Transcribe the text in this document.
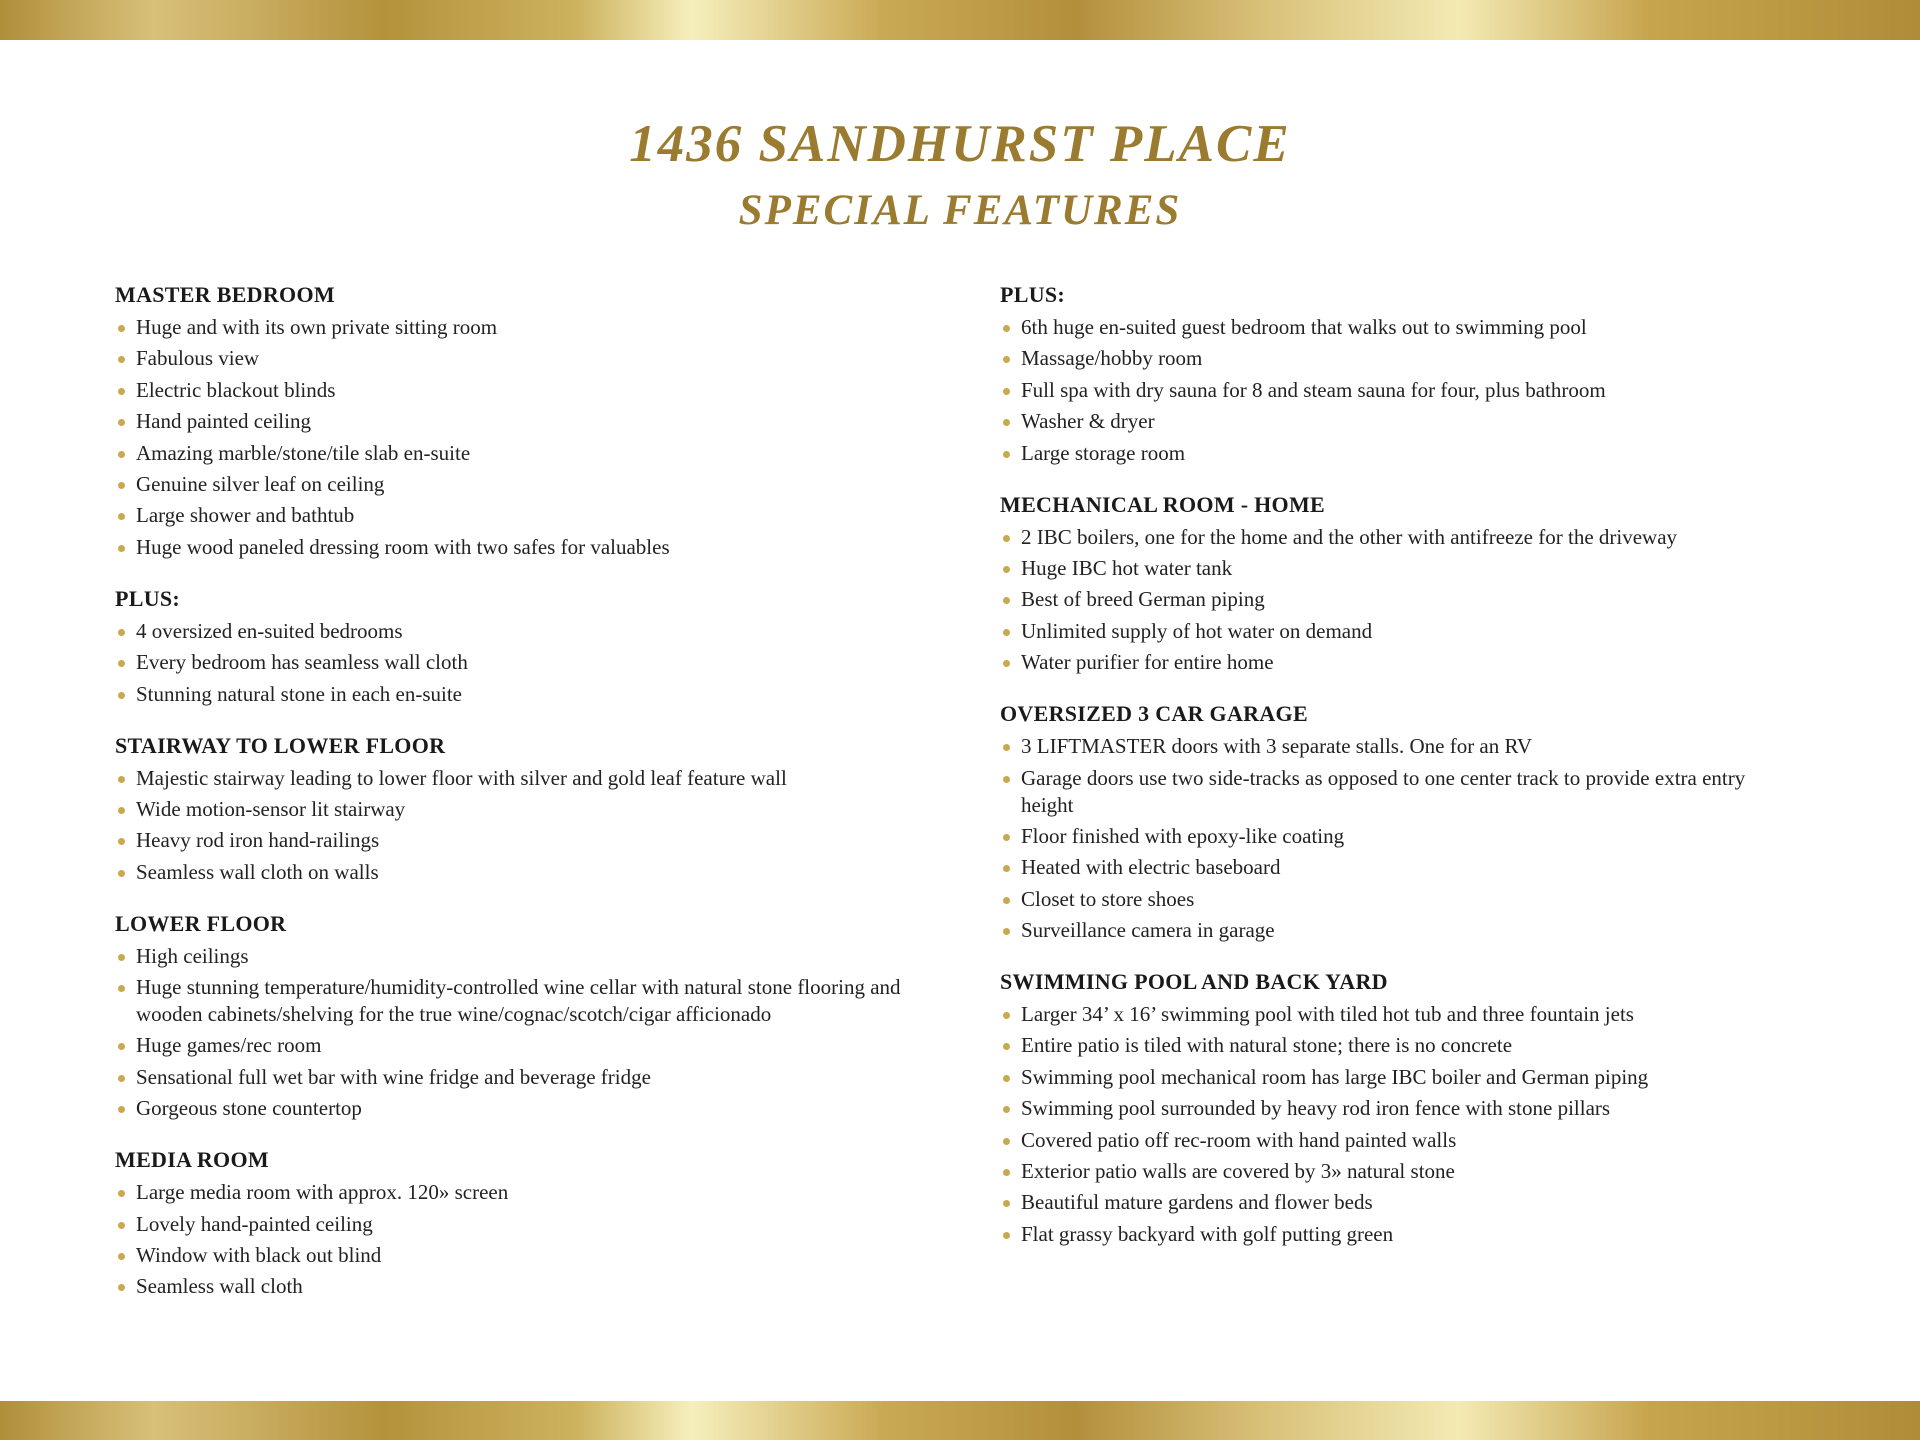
1436 SANDHURST PLACE
SPECIAL FEATURES
MASTER BEDROOM
Huge and with its own private sitting room
Fabulous view
Electric blackout blinds
Hand painted ceiling
Amazing marble/stone/tile slab en-suite
Genuine silver leaf on ceiling
Large shower and bathtub
Huge wood paneled dressing room with two safes for valuables
PLUS:
4 oversized en-suited bedrooms
Every bedroom has seamless wall cloth
Stunning natural stone in each en-suite
STAIRWAY TO LOWER FLOOR
Majestic stairway leading to lower floor with silver and gold leaf feature wall
Wide motion-sensor lit stairway
Heavy rod iron hand-railings
Seamless wall cloth on walls
LOWER FLOOR
High ceilings
Huge stunning temperature/humidity-controlled wine cellar with natural stone flooring and wooden cabinets/shelving for the true wine/cognac/scotch/cigar afficionado
Huge games/rec room
Sensational full wet bar with wine fridge and beverage fridge
Gorgeous stone countertop
MEDIA ROOM
Large media room with approx. 120» screen
Lovely hand-painted ceiling
Window with black out blind
Seamless wall cloth
PLUS:
6th huge en-suited guest bedroom that walks out to swimming pool
Massage/hobby room
Full spa with dry sauna for 8 and steam sauna for four, plus bathroom
Washer & dryer
Large storage room
MECHANICAL ROOM - HOME
2 IBC boilers, one for the home and the other with antifreeze for the driveway
Huge IBC hot water tank
Best of breed German piping
Unlimited supply of hot water on demand
Water purifier for entire home
OVERSIZED 3 CAR GARAGE
3 LIFTMASTER doors with 3 separate stalls. One for an RV
Garage doors use two side-tracks as opposed to one center track to provide extra entry height
Floor finished with epoxy-like coating
Heated with electric baseboard
Closet to store shoes
Surveillance camera in garage
SWIMMING POOL AND BACK YARD
Larger 34’ x 16’ swimming pool with tiled hot tub and three fountain jets
Entire patio is tiled with natural stone; there is no concrete
Swimming pool mechanical room has large IBC boiler and German piping
Swimming pool surrounded by heavy rod iron fence with stone pillars
Covered patio off rec-room with hand painted walls
Exterior patio walls are covered by 3» natural stone
Beautiful mature gardens and flower beds
Flat grassy backyard with golf putting green
